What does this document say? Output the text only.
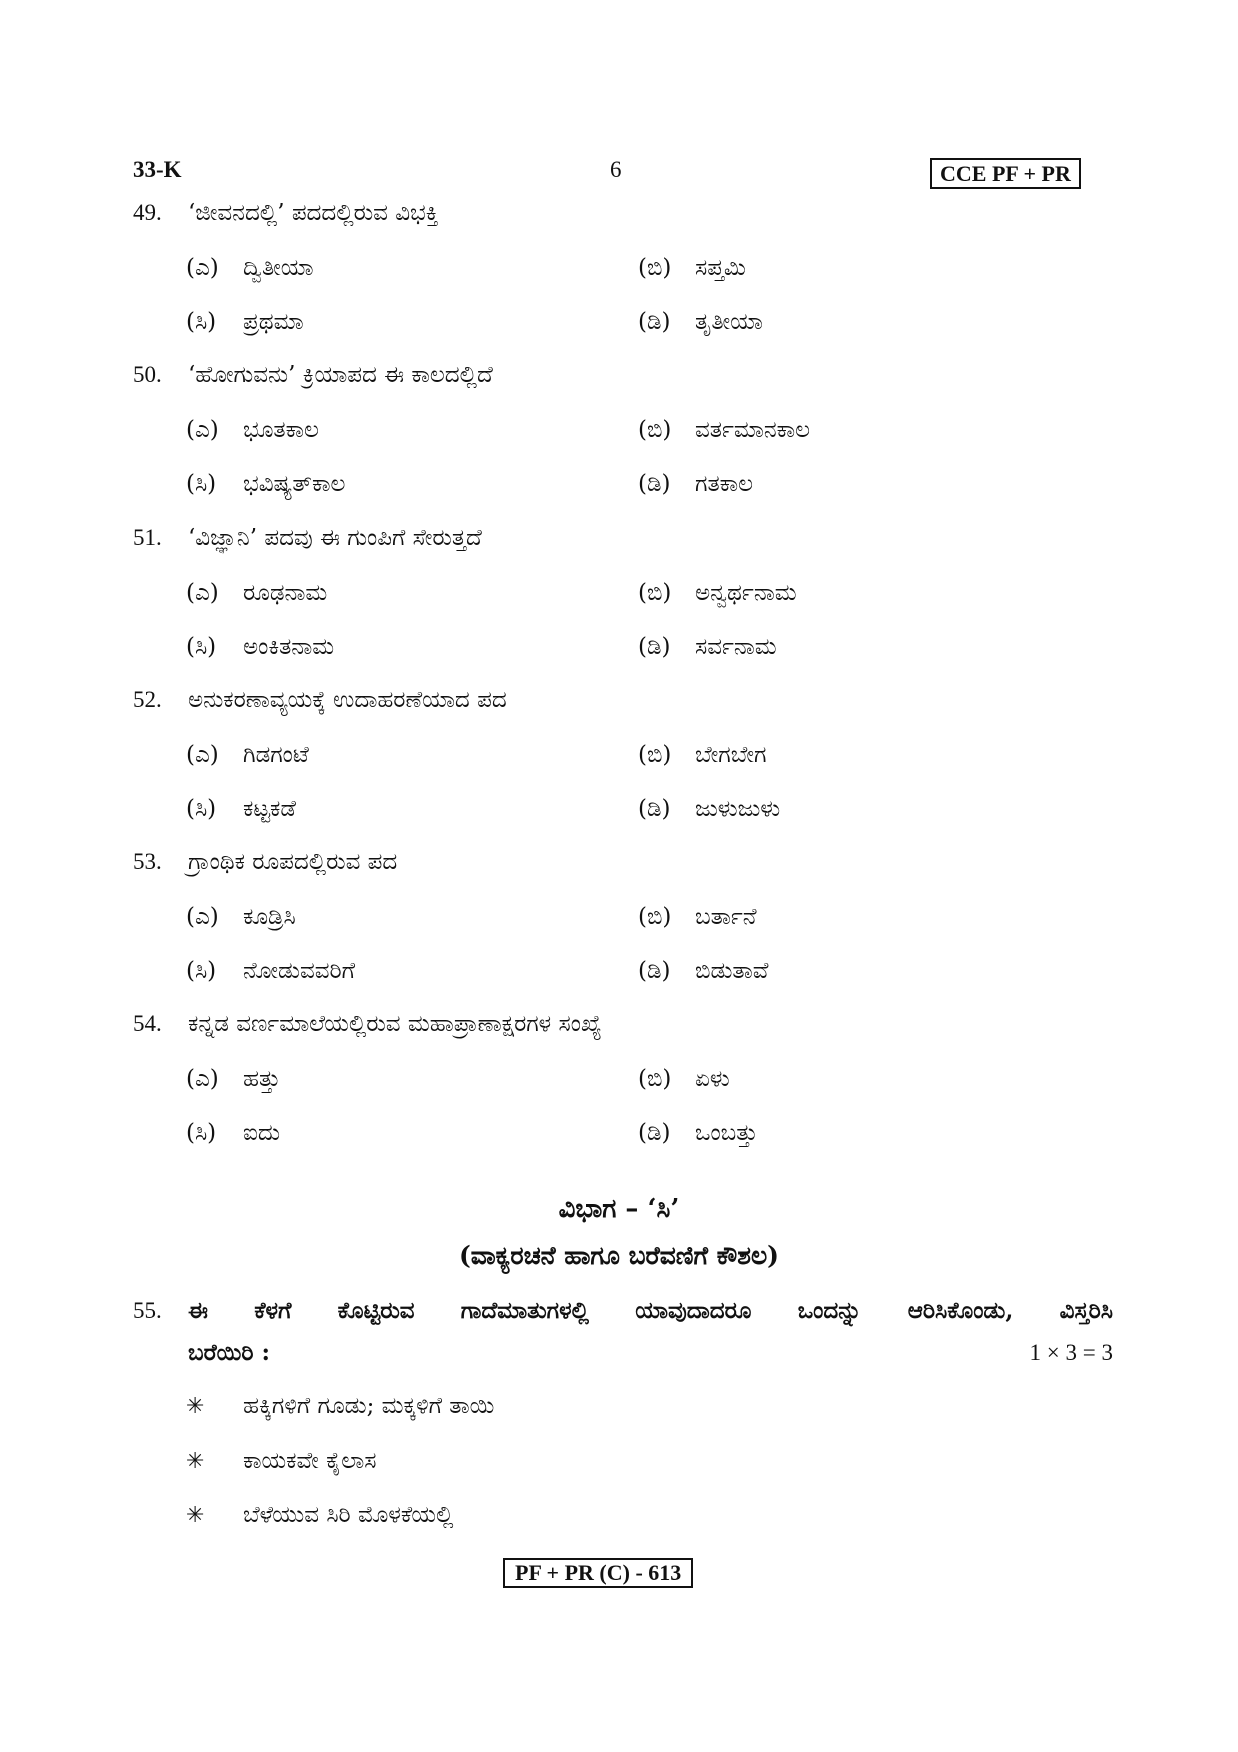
33-K	6	CCE PF + PR
49. ‘ಜೀವನದಲ್ಲಿ’ ಪದದಲ್ಲಿರುವ ವಿಭಕ್ತಿ
(ಎ) ದ್ವಿತೀಯಾ	(ಬಿ) ಸಪ್ತಮಿ
(ಸಿ) ಪ್ರಥಮಾ	(ಡಿ) ತೃತೀಯಾ
50. ‘ಹೋಗುವನು’ ಕ್ರಿಯಾಪದ ಈ ಕಾಲದಲ್ಲಿದೆ
(ಎ) ಭೂತಕಾಲ	(ಬಿ) ವರ್ತಮಾನಕಾಲ
(ಸಿ) ಭವಿಷ್ಯತ್‌ಕಾಲ	(ಡಿ) ಗತಕಾಲ
51. ‘ವಿಜ್ಞಾನಿ’ ಪದವು ಈ ಗುಂಪಿಗೆ ಸೇರುತ್ತದೆ
(ಎ) ರೂಢನಾಮ	(ಬಿ) ಅನ್ವರ್ಥನಾಮ
(ಸಿ) ಅಂಕಿತನಾಮ	(ಡಿ) ಸರ್ವನಾಮ
52. ಅನುಕರಣಾವ್ಯಯಕ್ಕೆ ಉದಾಹರಣೆಯಾದ ಪದ
(ಎ) ಗಿಡಗಂಟೆ	(ಬಿ) ಬೇಗಬೇಗ
(ಸಿ) ಕಟ್ಟಕಡೆ	(ಡಿ) ಜುಳುಜುಳು
53. ಗ್ರಾಂಥಿಕ ರೂಪದಲ್ಲಿರುವ ಪದ
(ಎ) ಕೂಡ್ರಿಸಿ	(ಬಿ) ಬರ್ತಾನೆ
(ಸಿ) ನೋಡುವವರಿಗೆ	(ಡಿ) ಬಿಡುತಾವೆ
54. ಕನ್ನಡ ವರ್ಣಮಾಲೆಯಲ್ಲಿರುವ ಮಹಾಪ್ರಾಣಾಕ್ಷರಗಳ ಸಂಖ್ಯೆ
(ಎ) ಹತ್ತು	(ಬಿ) ಏಳು
(ಸಿ) ಐದು	(ಡಿ) ಒಂಬತ್ತು
ವಿಭಾಗ – ‘ಸಿ’
(ವಾಕ್ಯರಚನೆ ಹಾಗೂ ಬರೆವಣಿಗೆ ಕೌಶಲ)
55. ಈ ಕೆಳಗೆ ಕೊಟ್ಟಿರುವ ಗಾದೆಮಾತುಗಳಲ್ಲಿ ಯಾವುದಾದರೂ ಒಂದನ್ನು ಆರಿಸಿಕೊಂಡು, ವಿಸ್ತರಿಸಿ
ಬರೆಯಿರಿ :	1 × 3 = 3
✳ ಹಕ್ಕಿಗಳಿಗೆ ಗೂಡು; ಮಕ್ಕಳಿಗೆ ತಾಯಿ
✳ ಕಾಯಕವೇ ಕೈಲಾಸ
✳ ಬೆಳೆಯುವ ಸಿರಿ ಮೊಳಕೆಯಲ್ಲಿ
PF + PR (C) - 613
